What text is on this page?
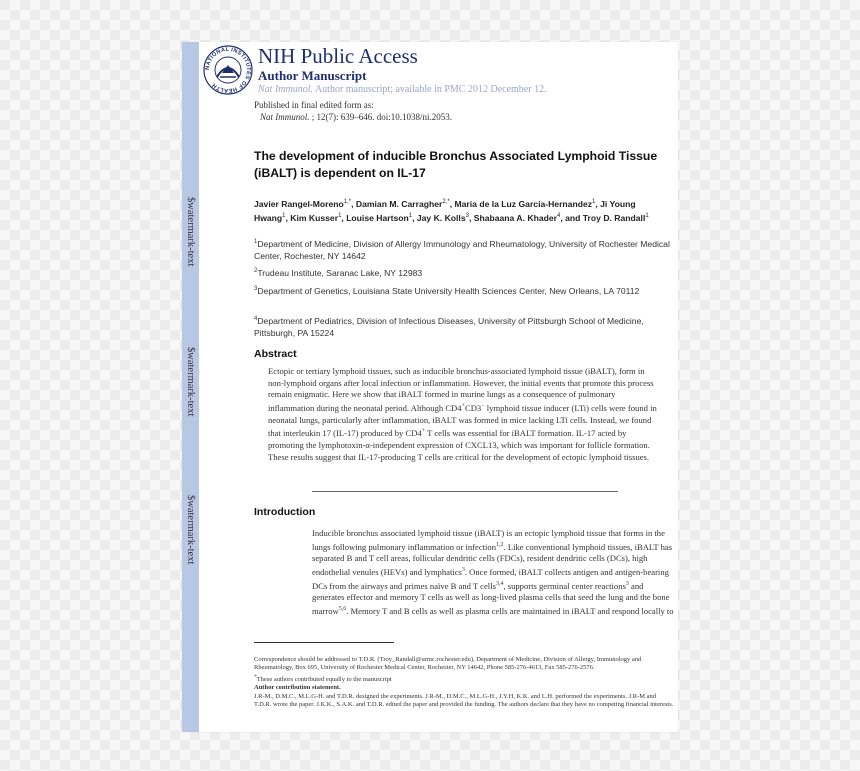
$watermark-text
$watermark-text
$watermark-text
NATIONAL INSTITUTES OF HEALTH
NIH Public Access
Author Manuscript
Nat Immunol. Author manuscript; available in PMC 2012 December 12.
Published in final edited form as:
Nat Immunol. ; 12(7): 639–646. doi:10.1038/ni.2053.
The development of inducible Bronchus Associated Lymphoid Tissue (iBALT) is dependent on IL-17
Javier Rangel-Moreno$^{1,*}$, Damian M. Carragher$^{2,*}$, Maria de la Luz Garcia-Hernandez$^1$, Ji Young Hwang$^1$, Kim Kusser$^1$, Louise Hartson$^1$, Jay K. Kolls$^3$, Shabaana A. Khader$^4$, and Troy D. Randall$^1$
$^1$Department of Medicine, Division of Allergy Immunology and Rheumatology, University of Rochester Medical Center, Rochester, NY 14642
$^2$Trudeau Institute, Saranac Lake, NY 12983
$^3$Department of Genetics, Louisiana State University Health Sciences Center, New Orleans, LA 70112
$^4$Department of Pediatrics, Division of Infectious Diseases, University of Pittsburgh School of Medicine, Pittsburgh, PA 15224
Abstract
Ectopic or tertiary lymphoid tissues, such as inducible bronchus-associated lymphoid tissue (iBALT), form in non-lymphoid organs after local infection or inflammation. However, the initial events that promote this process remain enigmatic. Here we show that iBALT formed in murine lungs as a consequence of pulmonary inflammation during the neonatal period. Although CD4+CD3− lymphoid tissue inducer (LTi) cells were found in neonatal lungs, particularly after inflammation, iBALT was formed in mice lacking LTi cells. Instead, we found that interleukin 17 (IL-17) produced by CD4+ T cells was essential for iBALT formation. IL-17 acted by promoting the lymphotoxin-α-independent expression of CXCL13, which was important for follicle formation. These results suggest that IL-17-producing T cells are critical for the development of ectopic lymphoid tissues.
Introduction
Inducible bronchus associated lymphoid tissue (iBALT) is an ectopic lymphoid tissue that forms in the lungs following pulmonary inflammation or infection$^{1,2}$. Like conventional lymphoid tissues, iBALT has separated B and T cell areas, follicular dendritic cells (FDCs), resident dendritic cells (DCs), high endothelial venules (HEVs) and lymphatics$^3$. Once formed, iBALT collects antigen and antigen-bearing DCs from the airways and primes naïve B and T cells$^{3,4}$, supports germinal center reactions$^3$ and generates effector and memory T cells as well as long-lived plasma cells that seed the lung and the bone marrow$^{5,6}$. Memory T and B cells as well as plasma cells are maintained in iBALT and respond locally to

Correspondence should be addressed to T.D.R. (Troy_Randall@urmc.rochester.edu), Department of Medicine, Division of Allergy, Immunology and Rheumatology, Box 695, University of Rochester Medical Center, Rochester, NY 14642, Phone 585-276-4613, Fax 585-276-2576.

*These authors contributed equally to the manuscript

Author contribution statement.

J.R-M., D.M.C., M.L.G-H. and T.D.R. designed the experiments. J.R-M., D.M.C., M.L.G-H., J.Y.H, K.K. and L.H. performed the experiments. J.R-M and T.D.R. wrote the paper. J.K.K., S.A.K. and T.D.R. edited the paper and provided the funding. The authors declare that they have no competing financial interests.
